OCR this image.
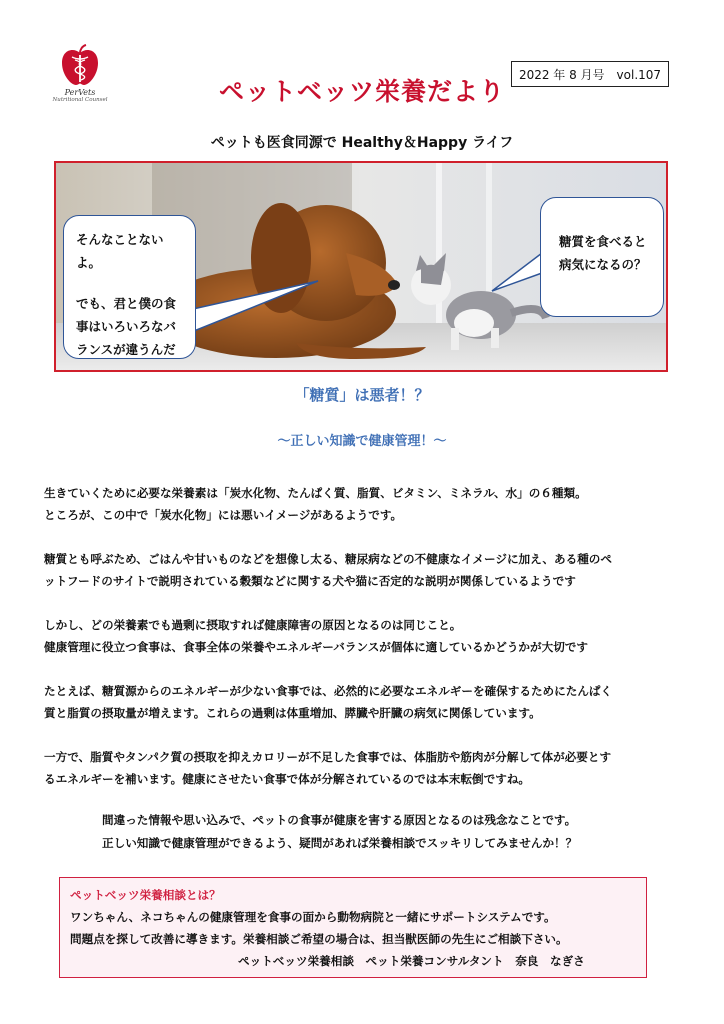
PerVets
Nutritional Counsel	ペットベッツ栄養だより
2022 年 8 月号　vol.107
ペットも医食同源で Healthy＆Happy ライフ
そんなことないよ。
でも、君と僕の食
事はいろいろなバ
ランスが違うんだ
糖質を食べると
病気になるの？
「糖質」は悪者！？
～正しい知識で健康管理！～

生きていくために必要な栄養素は「炭水化物、たんぱく質、脂質、ビタミン、ミネラル、水」の６種類。
ところが、この中で「炭水化物」には悪いイメージがあるようです。

糖質とも呼ぶため、ごはんや甘いものなどを想像し太る、糖尿病などの不健康なイメージに加え、ある種のペ
ットフードのサイトで説明されている穀類などに関する犬や猫に否定的な説明が関係しているようです

しかし、どの栄養素でも過剰に摂取すれば健康障害の原因となるのは同じこと。
健康管理に役立つ食事は、食事全体の栄養やエネルギーバランスが個体に適しているかどうかが大切です

たとえば、糖質源からのエネルギーが少ない食事では、必然的に必要なエネルギーを確保するためにたんぱく
質と脂質の摂取量が増えます。これらの過剰は体重増加、膵臓や肝臓の病気に関係しています。

一方で、脂質やタンパク質の摂取を抑えカロリーが不足した食事では、体脂肪や筋肉が分解して体が必要とす
るエネルギーを補います。健康にさせたい食事で体が分解されているのでは本末転倒ですね。

間違った情報や思い込みで、ペットの食事が健康を害する原因となるのは残念なことです。
正しい知識で健康管理ができるよう、疑問があれば栄養相談でスッキリしてみませんか！？
ペットベッツ栄養相談とは？
ワンちゃん、ネコちゃんの健康管理を食事の面から動物病院と一緒にサポートシステムです。
問題点を探して改善に導きます。栄養相談ご希望の場合は、担当獣医師の先生にご相談下さい。
ペットベッツ栄養相談　ペット栄養コンサルタント　奈良　なぎさ
